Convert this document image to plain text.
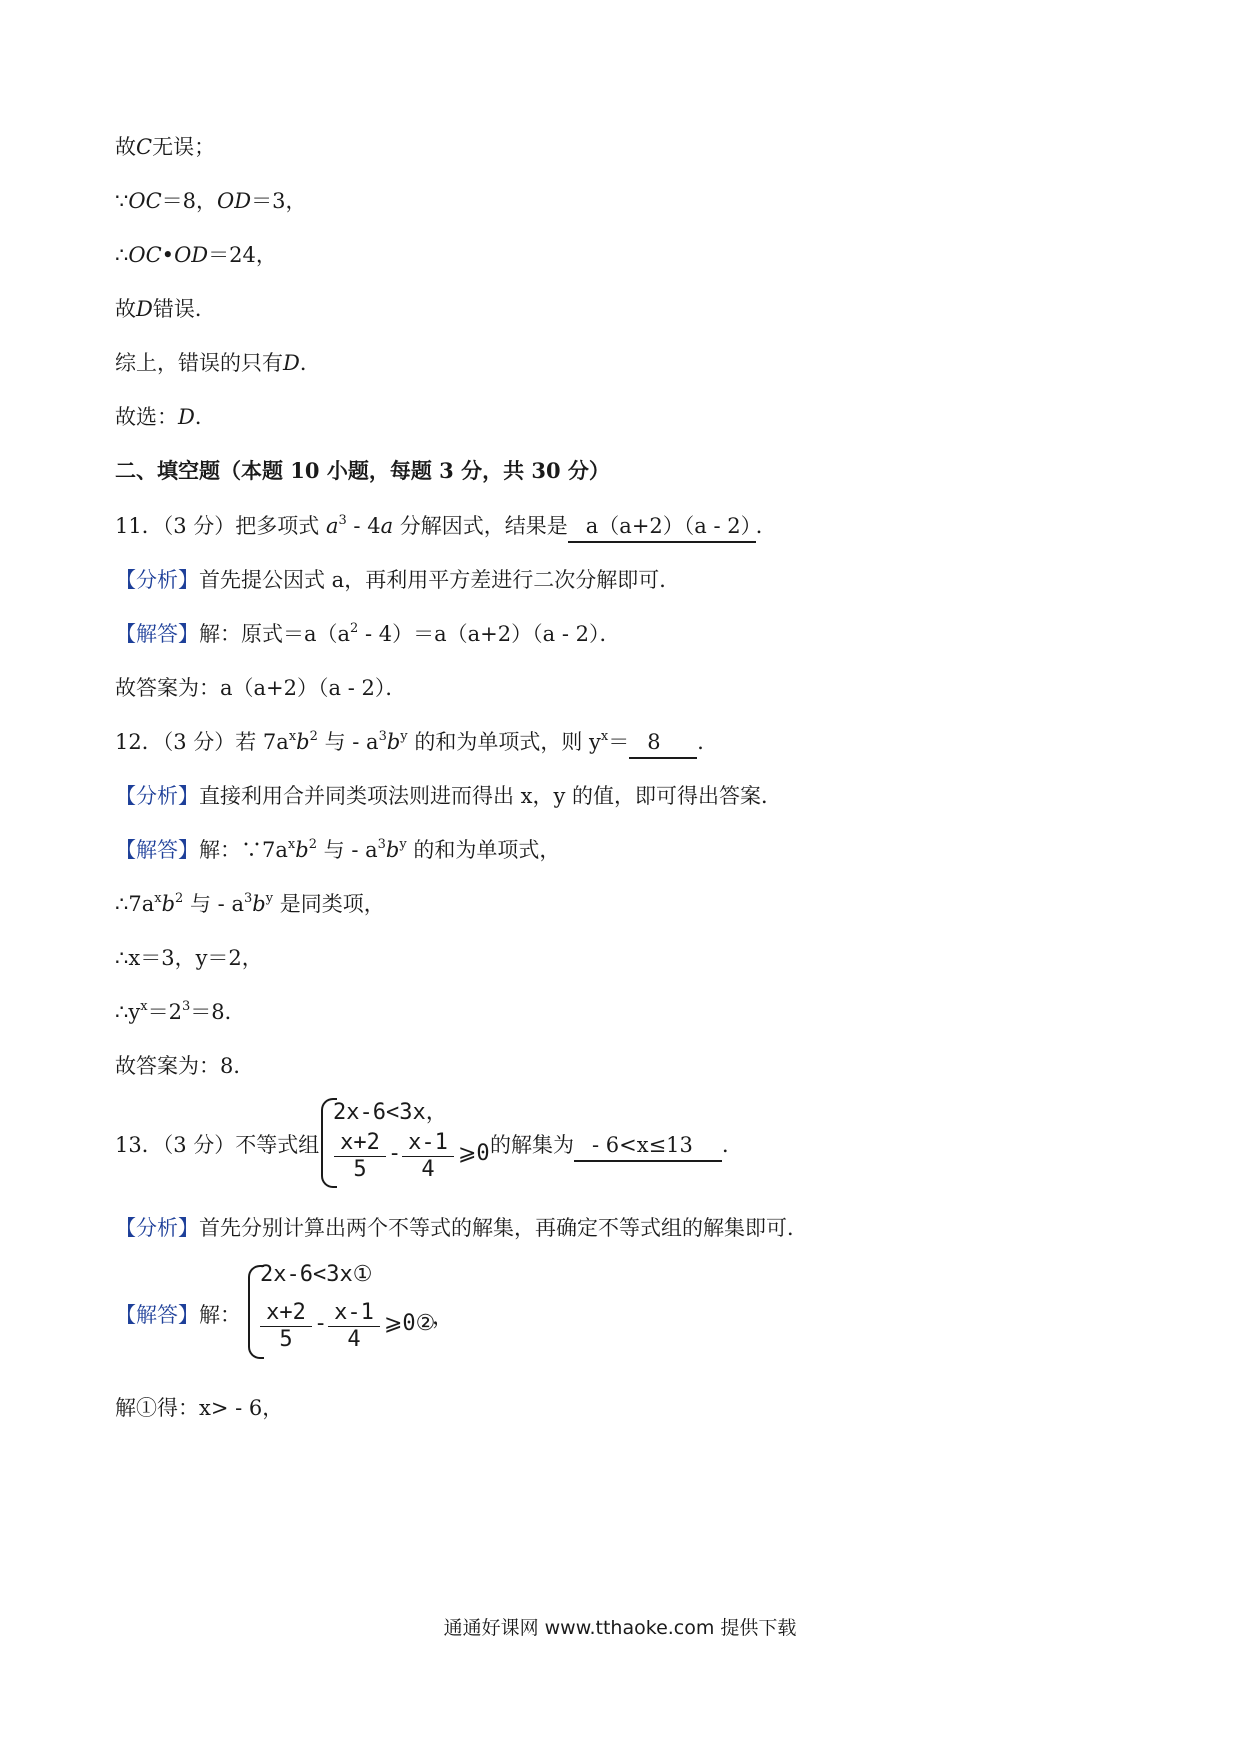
故C无误；
∵OC＝8，OD＝3，
∴OC•OD＝24，
故D错误．
综上，错误的只有D．
故选：D．
二、填空题（本题 10 小题，每题 3 分，共 30 分）
11．（3 分）把多项式 $a^3 - 4a$ 分解因式，结果是 a（a+2）（a - 2）．
【分析】首先提公因式 a，再利用平方差进行二次分解即可．
【解答】解：原式$=a(a^2 - 4)=a(a+2)(a - 2)$．
故答案为：a（a+2）（a - 2）．
12．（3 分）若 $7a^xb^2$ 与 - $a^3b^y$ 的和为单项式，则 $y^x= 8$ ．
【分析】直接利用合并同类项法则进而得出 x，y 的值，即可得出答案．
【解答】解：$\because 7a^xb^2$ 与 - $a^3b^y$ 的和为单项式，
$\therefore 7a^xb^2$ 与 - $a^3b^y$ 是同类项，
∴x＝3，y＝2，
$\therefore y^x=2^3=8$．
故答案为：8．
13．（3 分）不等式组
2x-6<3x，
$\frac{x+2}{5} - \frac{x-1}{4}$ ⩾0 的解集为 - 6<x≤13 ．
【分析】首先分别计算出两个不等式的解集，再确定不等式组的解集即可．
【解答】解：
2x-6<3x①
$\frac{x+2}{5} - \frac{x-1}{4}$ ⩾0②
，
解①得：x> - 6，
通通好课网 www.tthaoke.com 提供下载
